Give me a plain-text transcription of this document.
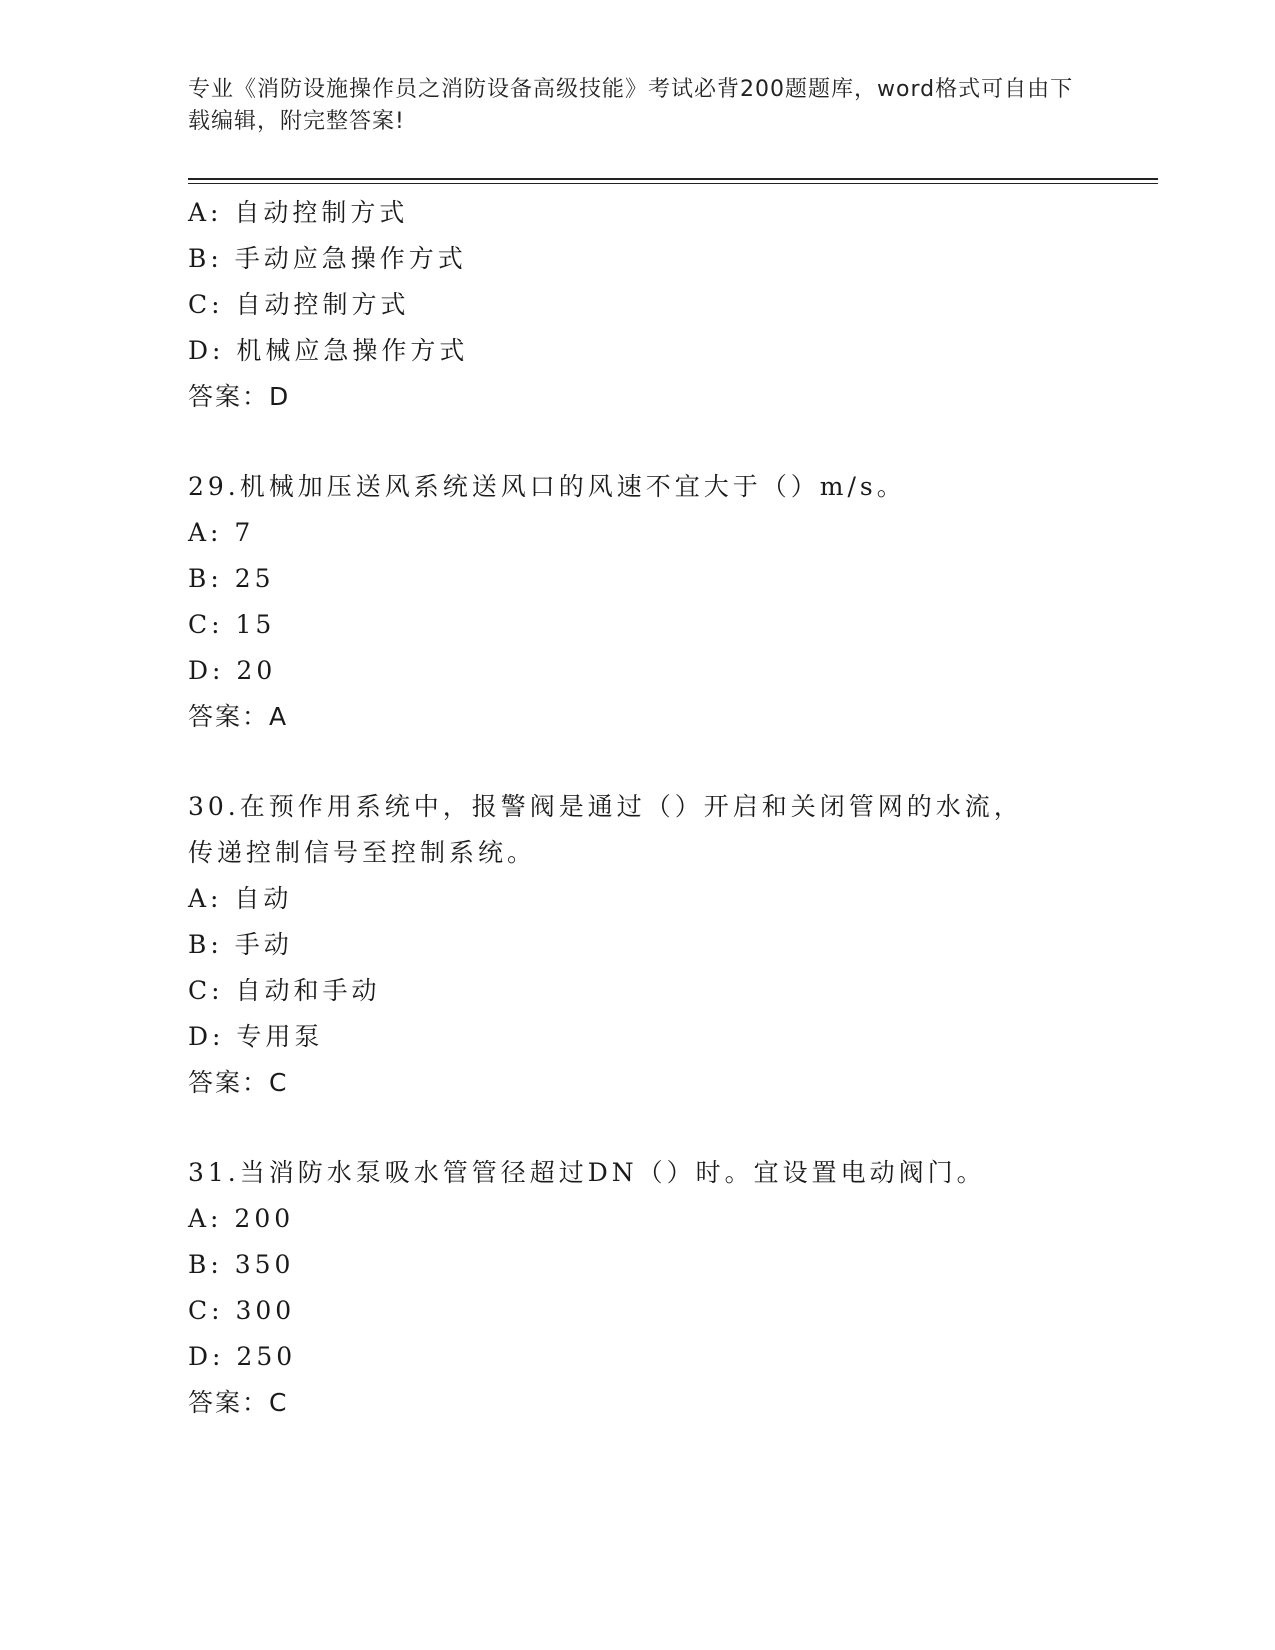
专业《消防设施操作员之消防设备高级技能》考试必背200题题库，word格式可自由下载编辑，附完整答案!
A: 自动控制方式
B: 手动应急操作方式
C: 自动控制方式
D: 机械应急操作方式
答案：D
29.机械加压送风系统送风口的风速不宜大于（）m/s。
A: 7
B: 25
C: 15
D: 20
答案：A
30.在预作用系统中，报警阀是通过（）开启和关闭管网的水流，传递控制信号至控制系统。
A: 自动
B: 手动
C: 自动和手动
D: 专用泵
答案：C
31.当消防水泵吸水管管径超过DN（）时。宜设置电动阀门。
A: 200
B: 350
C: 300
D: 250
答案：C
